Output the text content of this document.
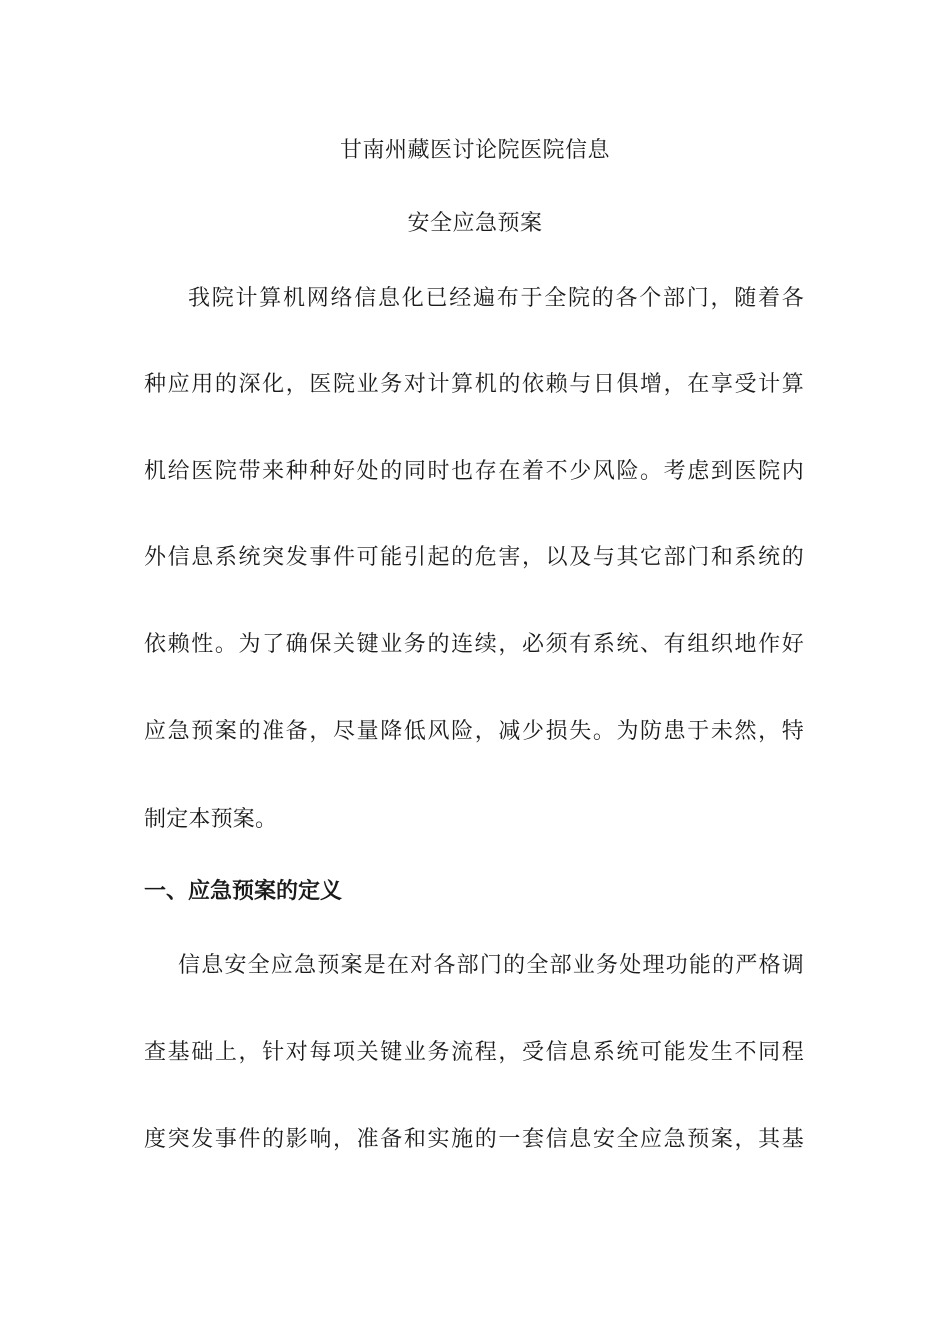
甘南州藏医讨论院医院信息
安全应急预案
我院计算机网络信息化已经遍布于全院的各个部门，随着各
种应用的深化，医院业务对计算机的依赖与日俱增，在享受计算
机给医院带来种种好处的同时也存在着不少风险。考虑到医院内
外信息系统突发事件可能引起的危害，以及与其它部门和系统的
依赖性。为了确保关键业务的连续，必须有系统、有组织地作好
应急预案的准备，尽量降低风险，减少损失。为防患于未然，特
制定本预案。
一、应急预案的定义
信息安全应急预案是在对各部门的全部业务处理功能的严格调
查基础上，针对每项关键业务流程，受信息系统可能发生不同程
度突发事件的影响，准备和实施的一套信息安全应急预案，其基
